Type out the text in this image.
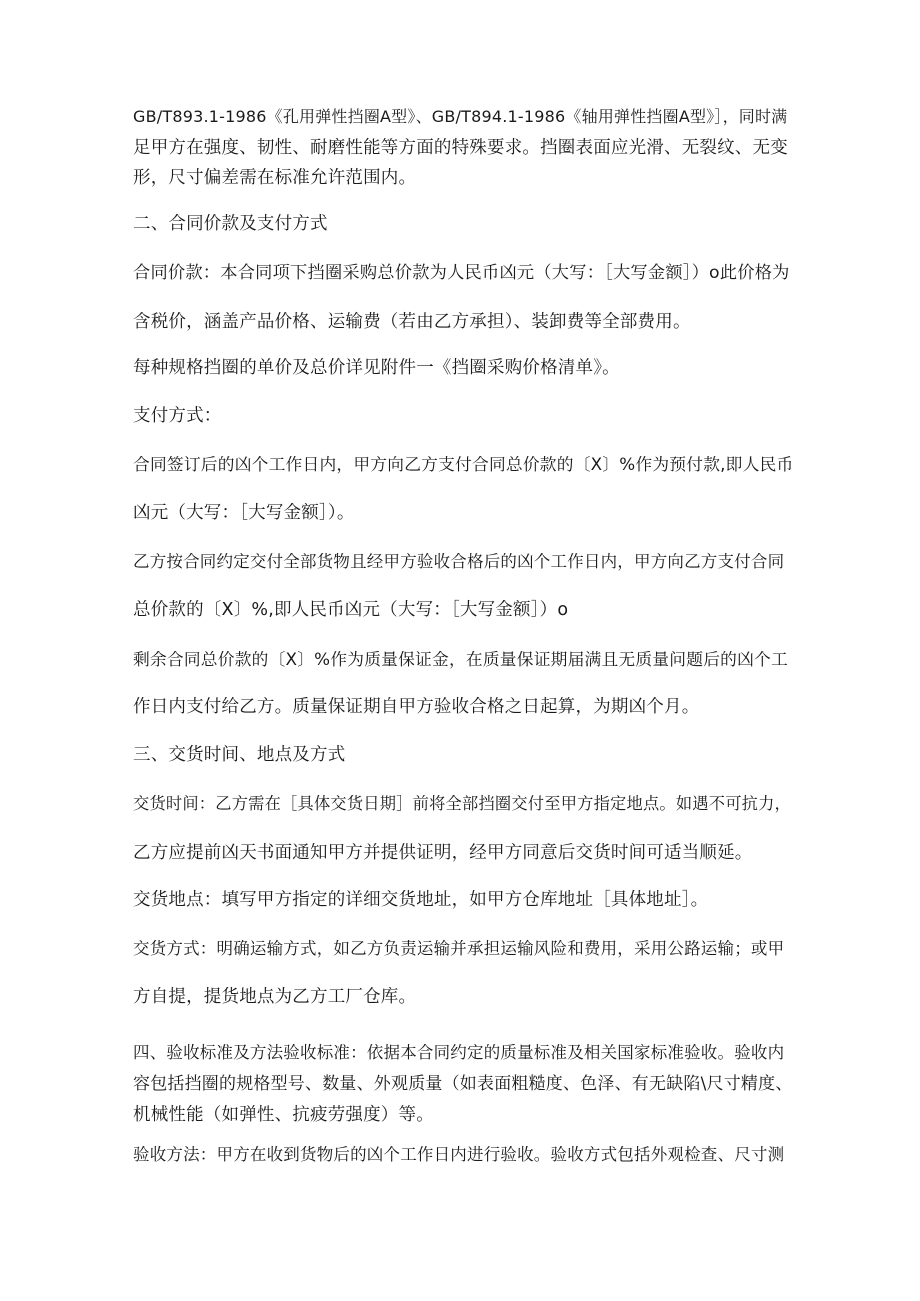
GB/T893.1-1986《孔用弹性挡圈A型》、GB/T894.1-1986《轴用弹性挡圈A型》］，同时满
足甲方在强度、韧性、耐磨性能等方面的特殊要求。挡圈表面应光滑、无裂纹、无变
形，尺寸偏差需在标准允许范围内。
二、合同价款及支付方式
合同价款：本合同项下挡圈采购总价款为人民币凶元（大写：［大写金额］）o此价格为
含税价，涵盖产品价格、运输费（若由乙方承担）、装卸费等全部费用。
每种规格挡圈的单价及总价详见附件一《挡圈采购价格清单》。
支付方式：
合同签订后的凶个工作日内，甲方向乙方支付合同总价款的〔X〕%作为预付款,即人民币
凶元（大写：［大写金额］）。
乙方按合同约定交付全部货物且经甲方验收合格后的凶个工作日内，甲方向乙方支付合同
总价款的〔X〕%,即人民币凶元（大写：［大写金额］）o
剩余合同总价款的〔X〕%作为质量保证金，在质量保证期届满且无质量问题后的凶个工
作日内支付给乙方。质量保证期自甲方验收合格之日起算，为期凶个月。
三、交货时间、地点及方式
交货时间：乙方需在［具体交货日期］前将全部挡圈交付至甲方指定地点。如遇不可抗力，
乙方应提前凶天书面通知甲方并提供证明，经甲方同意后交货时间可适当顺延。
交货地点：填写甲方指定的详细交货地址，如甲方仓库地址［具体地址］。
交货方式：明确运输方式，如乙方负责运输并承担运输风险和费用，采用公路运输；或甲
方自提，提货地点为乙方工厂仓库。
四、验收标准及方法验收标准：依据本合同约定的质量标准及相关国家标准验收。验收内
容包括挡圈的规格型号、数量、外观质量（如表面粗糙度、色泽、有无缺陷\尺寸精度、
机械性能（如弹性、抗疲劳强度）等。
验收方法：甲方在收到货物后的凶个工作日内进行验收。验收方式包括外观检查、尺寸测
